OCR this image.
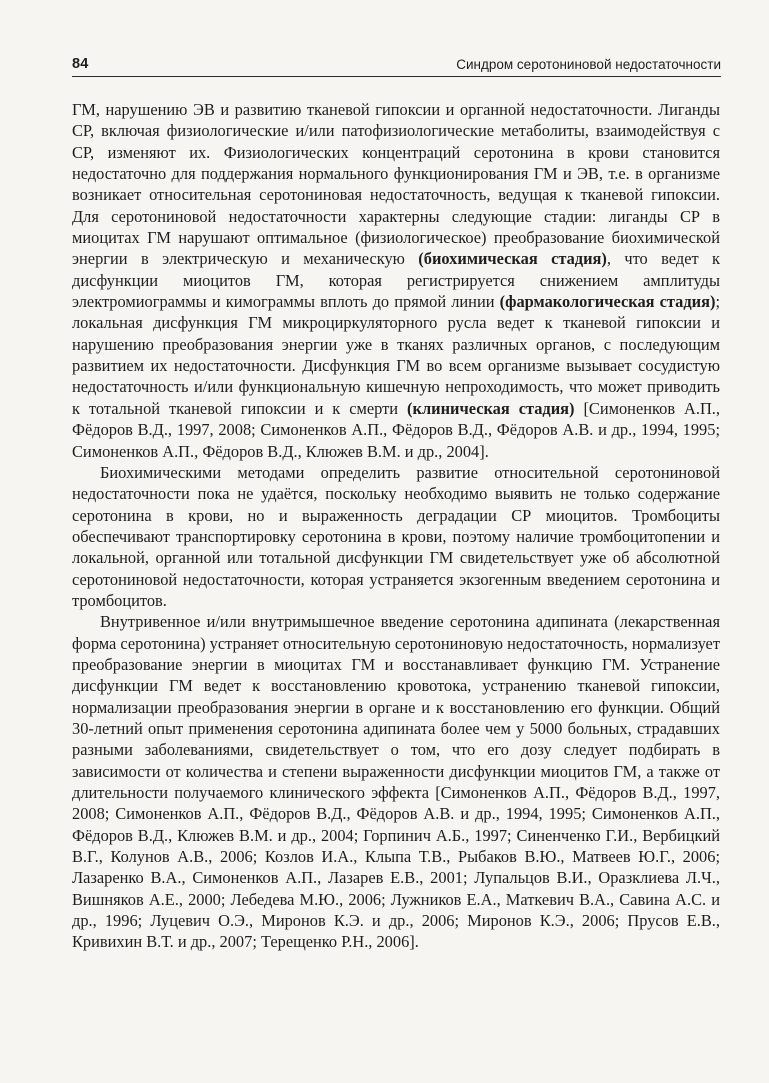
84	Синдром серотониновой недостаточности

ГМ, нарушению ЭВ и развитию тканевой гипоксии и органной недостаточности. Лиганды СР, включая физиологические и/или патофизиологические метаболиты, взаимодействуя с СР, изменяют их. Физиологических концентраций серотонина в крови становится недостаточно для поддержания нормального функционирования ГМ и ЭВ, т.е. в организме возникает относительная серотониновая недостаточность, ведущая к тканевой гипоксии. Для серотониновой недостаточности характерны следующие стадии: лиганды СР в миоцитах ГМ нарушают оптимальное (физиологическое) преобразование биохимической энергии в электрическую и механическую (биохимическая стадия), что ведет к дисфункции миоцитов ГМ, которая регистрируется снижением амплитуды электромиограммы и кимограммы вплоть до прямой линии (фармакологическая стадия); локальная дисфункция ГМ микроциркуляторного русла ведет к тканевой гипоксии и нарушению преобразования энергии уже в тканях различных органов, с последующим развитием их недостаточности. Дисфункция ГМ во всем организме вызывает сосудистую недостаточность и/или функциональную кишечную непроходимость, что может приводить к тотальной тканевой гипоксии и к смерти (клиническая стадия) [Симоненков А.П., Фёдоров В.Д., 1997, 2008; Симоненков А.П., Фёдоров В.Д., Фёдоров А.В. и др., 1994, 1995; Симоненков А.П., Фёдоров В.Д., Клюжев В.М. и др., 2004].

Биохимическими методами определить развитие относительной серотониновой недостаточности пока не удаётся, поскольку необходимо выявить не только содержание серотонина в крови, но и выраженность деградации СР миоцитов. Тромбоциты обеспечивают транспортировку серотонина в крови, поэтому наличие тромбоцитопении и локальной, органной или тотальной дисфункции ГМ свидетельствует уже об абсолютной серотониновой недостаточности, которая устраняется экзогенным введением серотонина и тромбоцитов.

Внутривенное и/или внутримышечное введение серотонина адипината (лекарственная форма серотонина) устраняет относительную серотониновую недостаточность, нормализует преобразование энергии в миоцитах ГМ и восстанавливает функцию ГМ. Устранение дисфункции ГМ ведет к восстановлению кровотока, устранению тканевой гипоксии, нормализации преобразования энергии в органе и к восстановлению его функции. Общий 30-летний опыт применения серотонина адипината более чем у 5000 больных, страдавших разными заболеваниями, свидетельствует о том, что его дозу следует подбирать в зависимости от количества и степени выраженности дисфункции миоцитов ГМ, а также от длительности получаемого клинического эффекта [Симоненков А.П., Фёдоров В.Д., 1997, 2008; Симоненков А.П., Фёдоров В.Д., Фёдоров А.В. и др., 1994, 1995; Симоненков А.П., Фёдоров В.Д., Клюжев В.М. и др., 2004; Горпинич А.Б., 1997; Синенченко Г.И., Вербицкий В.Г., Колунов А.В., 2006; Козлов И.А., Клыпа Т.В., Рыбаков В.Ю., Матвеев Ю.Г., 2006; Лазаренко В.А., Симоненков А.П., Лазарев Е.В., 2001; Лупальцов В.И., Оразклиева Л.Ч., Вишняков А.Е., 2000; Лебедева М.Ю., 2006; Лужников Е.А., Маткевич В.А., Савина А.С. и др., 1996; Луцевич О.Э., Миронов К.Э. и др., 2006; Миронов К.Э., 2006; Прусов Е.В., Кривихин В.Т. и др., 2007; Терещенко Р.Н., 2006].
